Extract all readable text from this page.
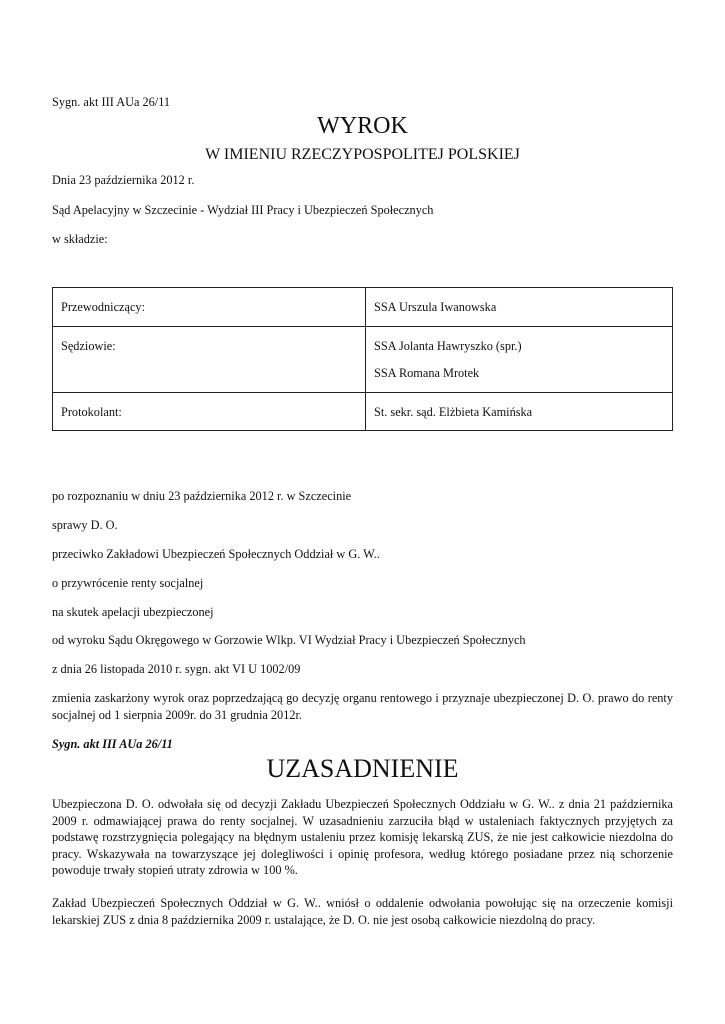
Sygn. akt III AUa 26/11
WYROK
W IMIENIU RZECZYPOSPOLITEJ POLSKIEJ
Dnia 23 października 2012 r.
Sąd Apelacyjny w Szczecinie - Wydział III Pracy i Ubezpieczeń Społecznych
w składzie:
Przewodniczący:	SSA Urszula Iwanowska
Sędziowie:	SSA Jolanta Hawryszko (spr.)
SSA Romana Mrotek

Protokolant:	St. sekr. sąd. Elżbieta Kamińska
po rozpoznaniu w dniu 23 października 2012 r. w Szczecinie
sprawy D. O.
przeciwko Zakładowi Ubezpieczeń Społecznych Oddział w G. W..
o przywrócenie renty socjalnej
na skutek apelacji ubezpieczonej
od wyroku Sądu Okręgowego w Gorzowie Wlkp. VI Wydział Pracy i Ubezpieczeń Społecznych
z dnia 26 listopada 2010 r. sygn. akt VI U 1002/09
zmienia zaskarżony wyrok oraz poprzedzającą go decyzję organu rentowego i przyznaje ubezpieczonej D. O. prawo do renty socjalnej od 1 sierpnia 2009r. do 31 grudnia 2012r.
Sygn. akt III AUa 26/11
UZASADNIENIE
Ubezpieczona D. O. odwołała się od decyzji Zakładu Ubezpieczeń Społecznych Oddziału w G. W.. z dnia 21 października 2009 r. odmawiającej prawa do renty socjalnej. W uzasadnieniu zarzuciła błąd w ustaleniach faktycznych przyjętych za podstawę rozstrzygnięcia polegający na błędnym ustaleniu przez komisję lekarską ZUS, że nie jest całkowicie niezdolna do pracy. Wskazywała na towarzyszące jej dolegliwości i opinię profesora, według którego posiadane przez nią schorzenie powoduje trwały stopień utraty zdrowia w 100 %.
Zakład Ubezpieczeń Społecznych Oddział w G. W.. wniósł o oddalenie odwołania powołując się na orzeczenie komisji lekarskiej ZUS z dnia 8 października 2009 r. ustalające, że D. O. nie jest osobą całkowicie niezdolną do pracy.
